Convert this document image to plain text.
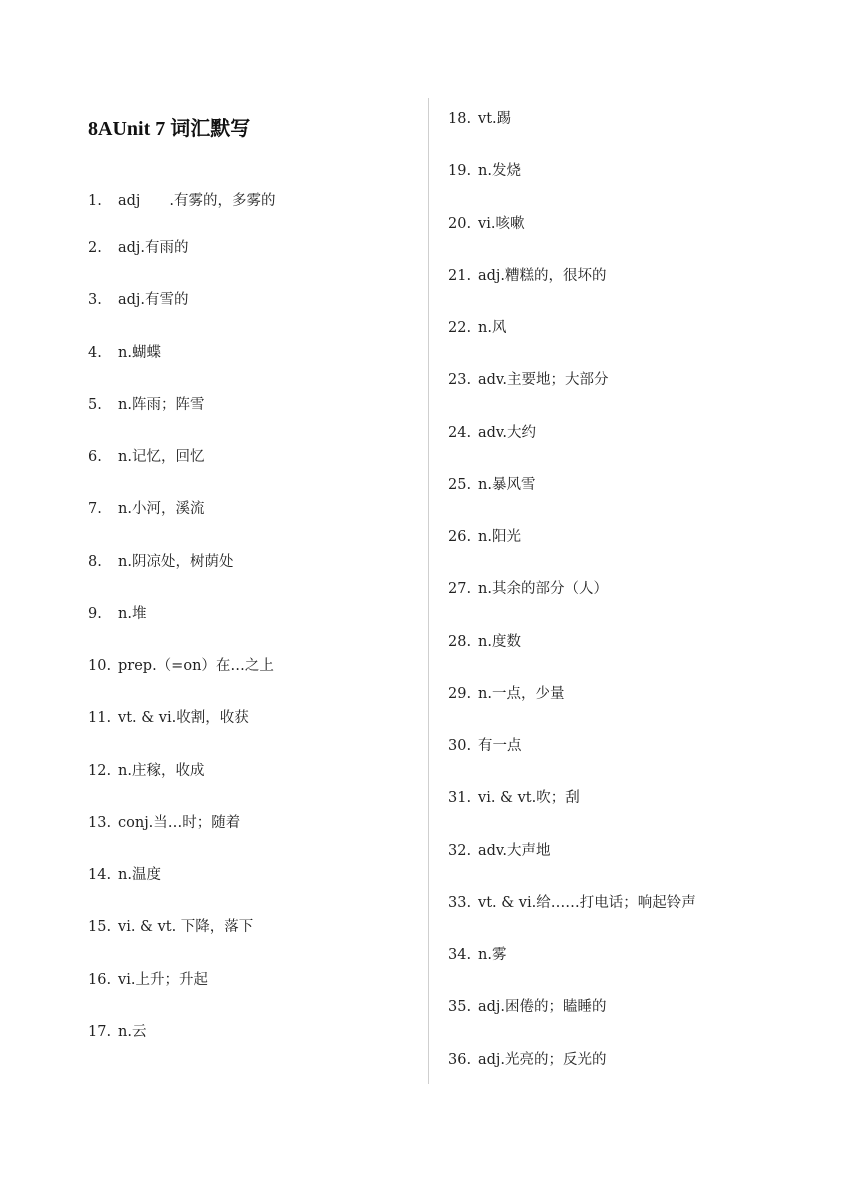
8AUnit 7 词汇默写
1. adj　　.有雾的，多雾的
2. adj.有雨的
3. adj.有雪的
4. n.蝴蝶
5. n.阵雨；阵雪
6. n.记忆，回忆
7. n.小河，溪流
8. n.阴凉处，树荫处
9. n.堆
10. prep.（=on）在…之上
11. vt. & vi.收割，收获
12. n.庄稼，收成
13. conj.当…时；随着
14. n.温度
15. vi. & vt. 下降，落下
16. vi.上升；升起
17. n.云
18. vt.踢
19. n.发烧
20. vi.咳嗽
21. adj.糟糕的，很坏的
22. n.风
23. adv.主要地；大部分
24. adv.大约
25. n.暴风雪
26. n.阳光
27. n.其余的部分（人）
28. n.度数
29. n.一点，少量
30. 有一点
31. vi. & vt.吹；刮
32. adv.大声地
33. vt. & vi.给……打电话；响起铃声
34. n.雾
35. adj.困倦的；瞌睡的
36. adj.光亮的；反光的
